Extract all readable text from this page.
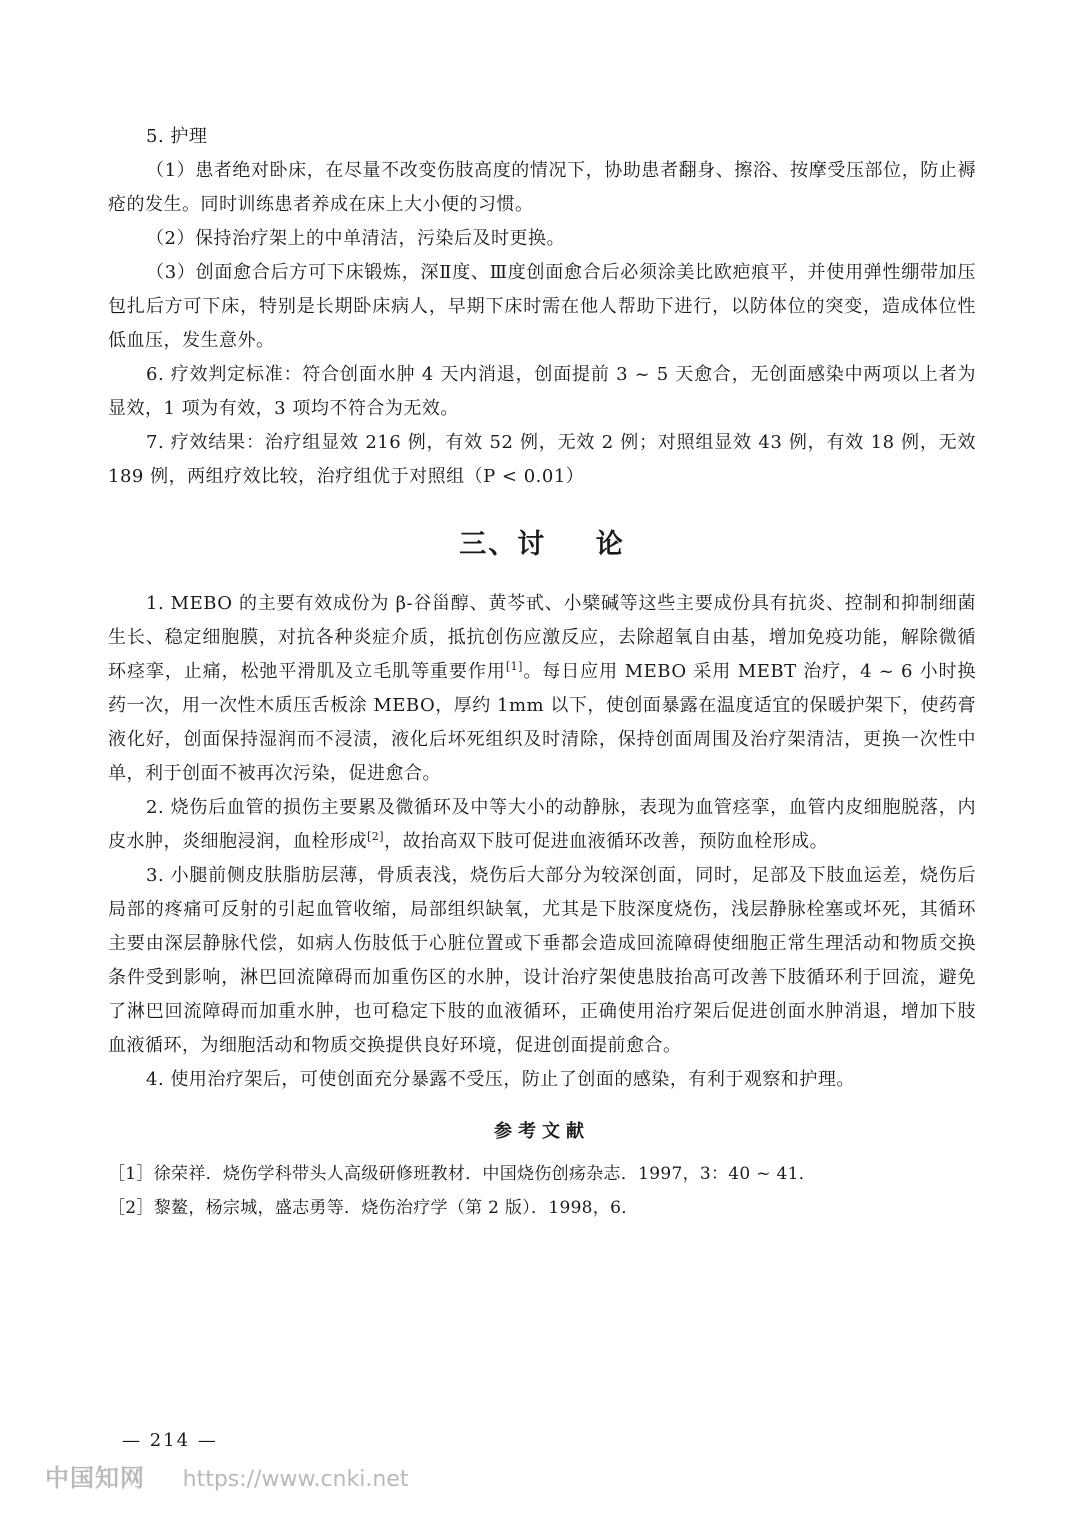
5. 护理

（1）患者绝对卧床，在尽量不改变伤肢高度的情况下，协助患者翻身、擦浴、按摩受压部位，防止褥疮的发生。同时训练患者养成在床上大小便的习惯。

（2）保持治疗架上的中单清洁，污染后及时更换。

（3）创面愈合后方可下床锻炼，深Ⅱ度、Ⅲ度创面愈合后必须涂美比欧疤痕平，并使用弹性绷带加压包扎后方可下床，特别是长期卧床病人，早期下床时需在他人帮助下进行，以防体位的突变，造成体位性低血压，发生意外。

6. 疗效判定标准：符合创面水肿 4 天内消退，创面提前 3 ~ 5 天愈合，无创面感染中两项以上者为显效，1 项为有效，3 项均不符合为无效。

7. 疗效结果：治疗组显效 216 例，有效 52 例，无效 2 例；对照组显效 43 例，有效 18 例，无效 189 例，两组疗效比较，治疗组优于对照组（P < 0.01）

三、讨 论

1. MEBO 的主要有效成份为 β-谷甾醇、黄芩甙、小檗碱等这些主要成份具有抗炎、控制和抑制细菌生长、稳定细胞膜，对抗各种炎症介质，抵抗创伤应激反应，去除超氧自由基，增加免疫功能，解除微循环痉挛，止痛，松弛平滑肌及立毛肌等重要作用[1]。每日应用 MEBO 采用 MEBT 治疗，4 ~ 6 小时换药一次，用一次性木质压舌板涂 MEBO，厚约 1mm 以下，使创面暴露在温度适宜的保暖护架下，使药膏液化好，创面保持湿润而不浸渍，液化后坏死组织及时清除，保持创面周围及治疗架清洁，更换一次性中单，利于创面不被再次污染，促进愈合。

2. 烧伤后血管的损伤主要累及微循环及中等大小的动静脉，表现为血管痉挛，血管内皮细胞脱落，内皮水肿，炎细胞浸润，血栓形成[2]，故抬高双下肢可促进血液循环改善，预防血栓形成。

3. 小腿前侧皮肤脂肪层薄，骨质表浅，烧伤后大部分为较深创面，同时，足部及下肢血运差，烧伤后局部的疼痛可反射的引起血管收缩，局部组织缺氧，尤其是下肢深度烧伤，浅层静脉栓塞或坏死，其循环主要由深层静脉代偿，如病人伤肢低于心脏位置或下垂都会造成回流障碍使细胞正常生理活动和物质交换条件受到影响，淋巴回流障碍而加重伤区的水肿，设计治疗架使患肢抬高可改善下肢循环利于回流，避免了淋巴回流障碍而加重水肿，也可稳定下肢的血液循环，正确使用治疗架后促进创面水肿消退，增加下肢血液循环，为细胞活动和物质交换提供良好环境，促进创面提前愈合。

4. 使用治疗架后，可使创面充分暴露不受压，防止了创面的感染，有利于观察和护理。

参考文献

［1］徐荣祥．烧伤学科带头人高级研修班教材．中国烧伤创疡杂志．1997，3：40 ~ 41．

［2］黎鳌，杨宗城，盛志勇等．烧伤治疗学（第 2 版）．1998，6．

— 214 —
中国知网 https://www.cnki.net
